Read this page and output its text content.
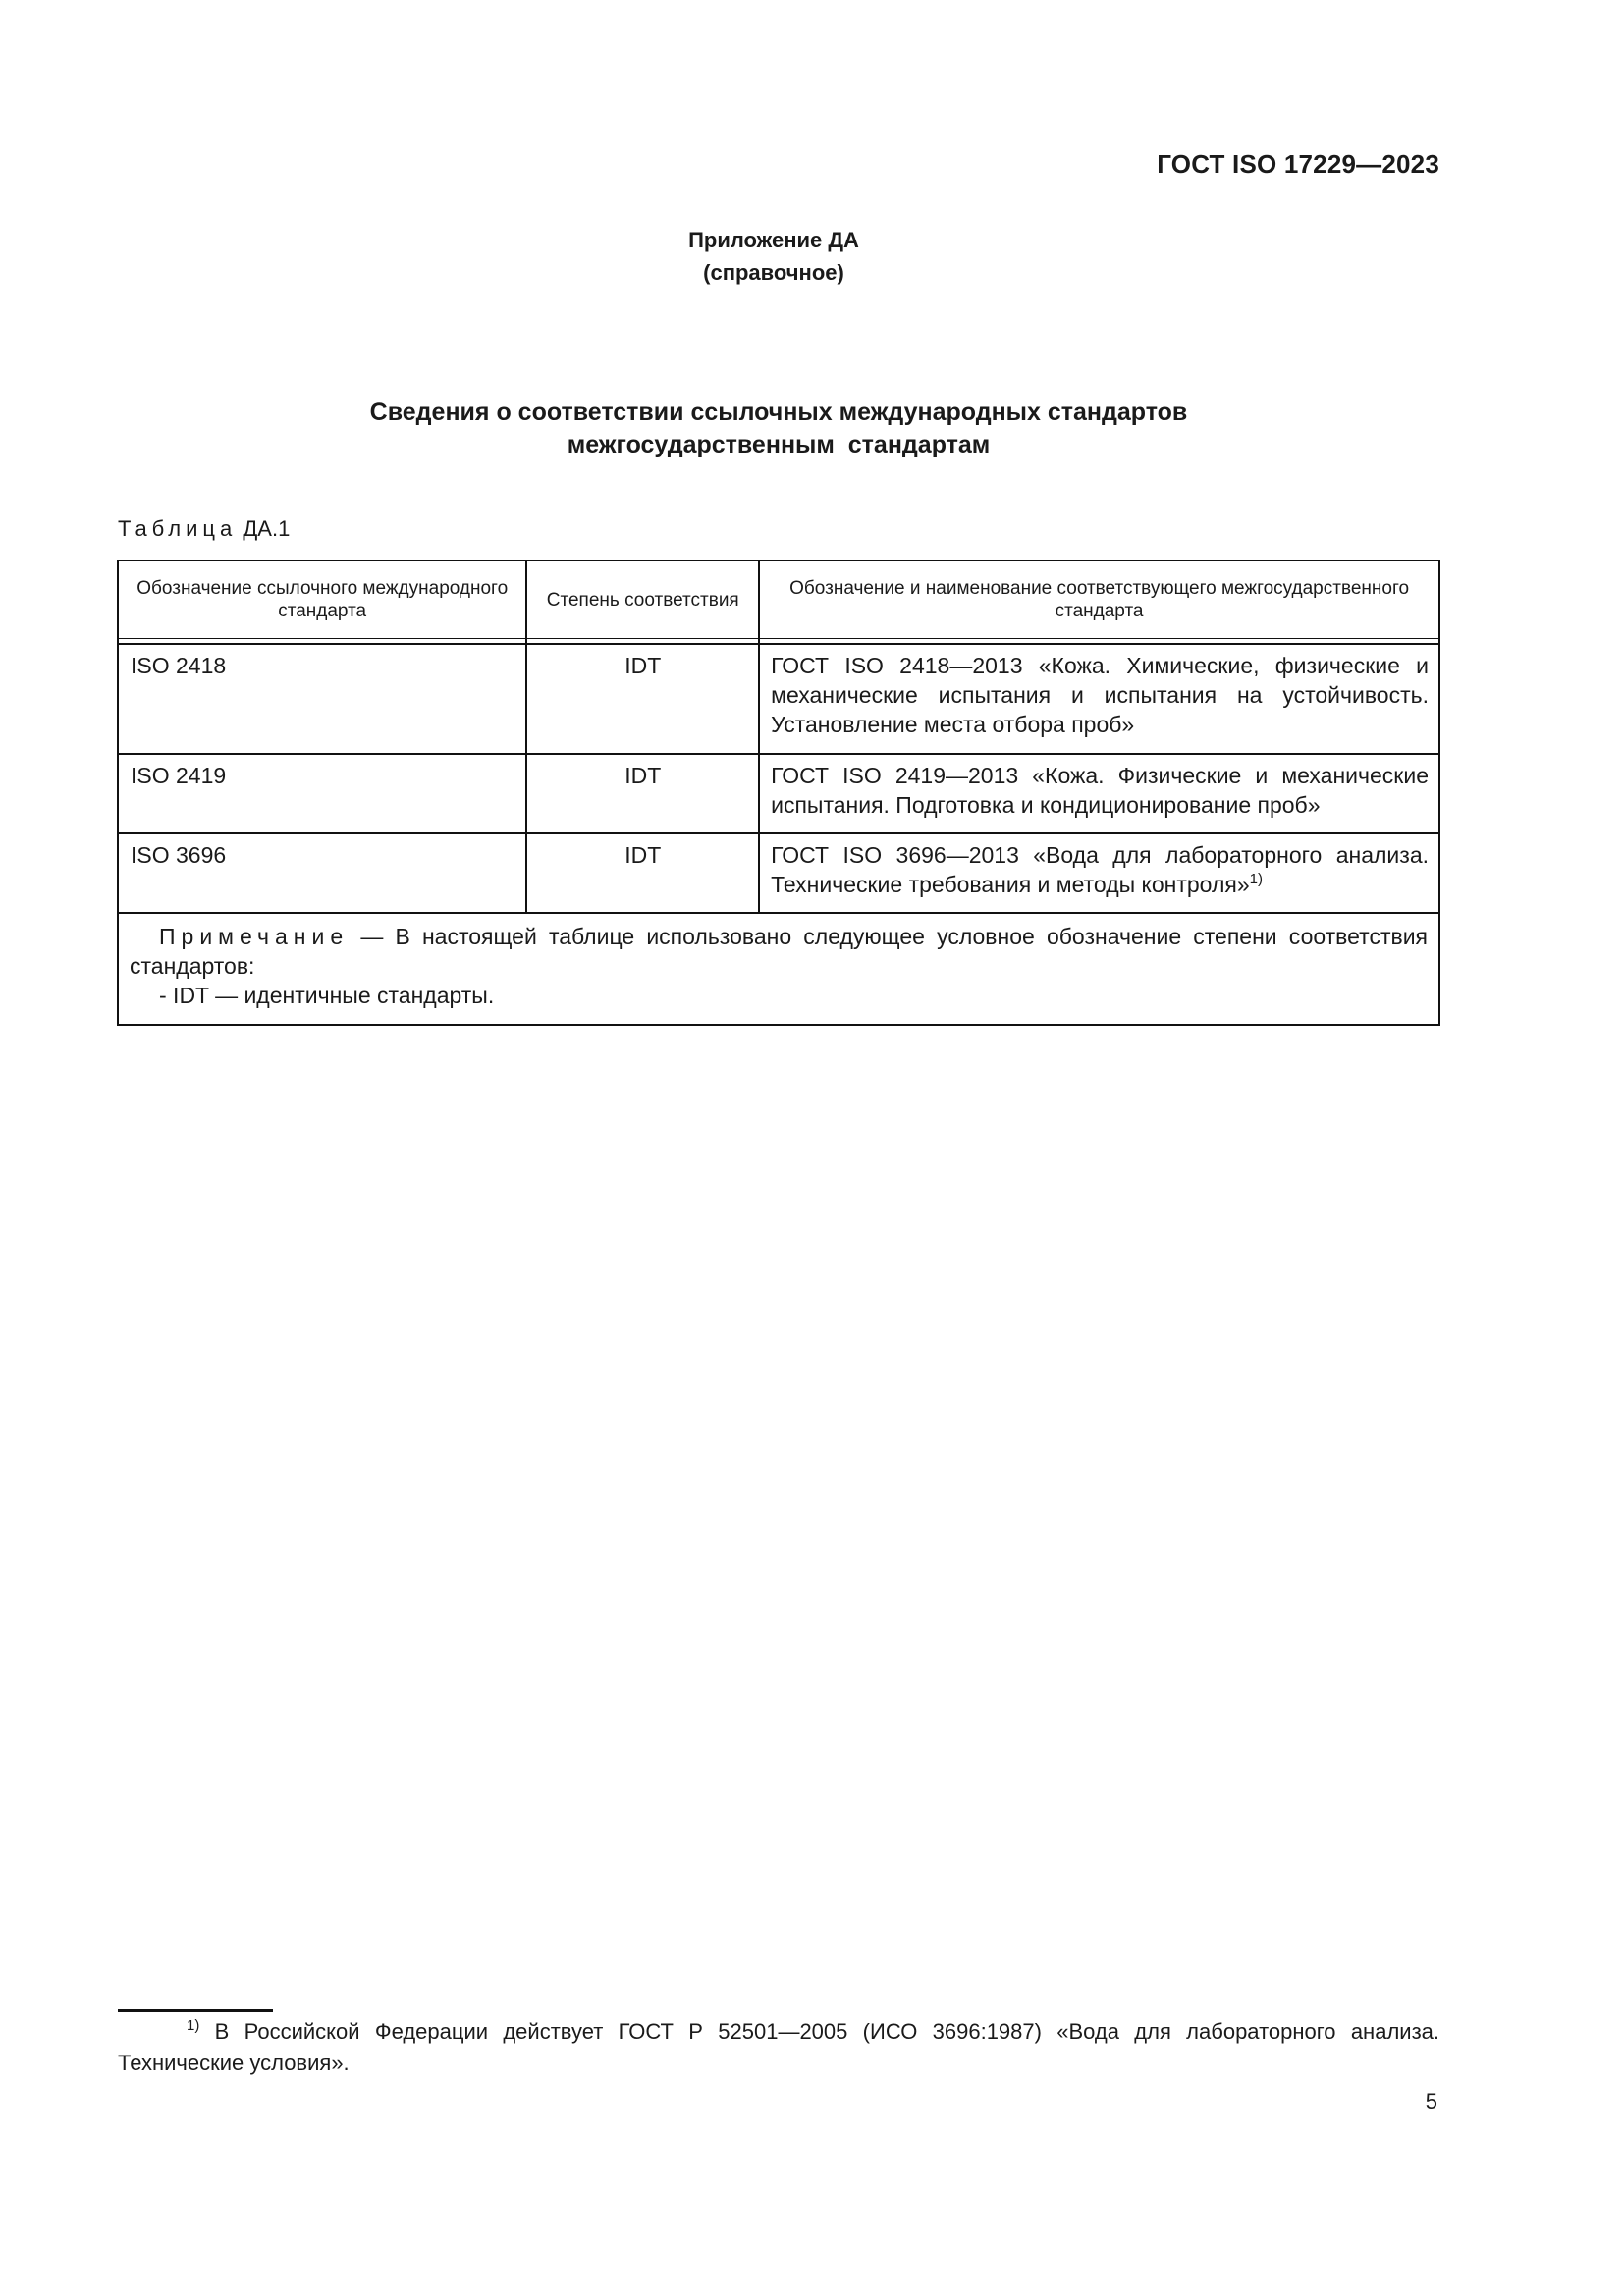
ГОСТ ISO 17229—2023
Приложение ДА
(справочное)
Сведения о соответствии ссылочных международных стандартов
межгосударственным  стандартам
Таблица ДА.1
Обозначение ссылочного международного стандарта	Степень соответствия	Обозначение и наименование соответствующего межгосударственного стандарта

ISO 2418	IDT	ГОСТ ISO 2418—2013 «Кожа. Химические, физические и механические испытания и испытания на устойчивость. Установление места отбора проб»
ISO 2419	IDT	ГОСТ ISO 2419—2013 «Кожа. Физические и механические испытания. Подготовка и кондиционирование проб»
ISO 3696	IDT	ГОСТ ISO 3696—2013 «Вода для лабораторного анализа. Технические требования и методы контроля»$^{1)}$
Примечание — В настоящей таблице использовано следующее условное обозначение степени соответствия стандартов:
- IDT — идентичные стандарты.		
$^{1)}$ В Российской Федерации действует ГОСТ Р 52501—2005 (ИСО 3696:1987) «Вода для лабораторного анализа. Технические условия».
5
